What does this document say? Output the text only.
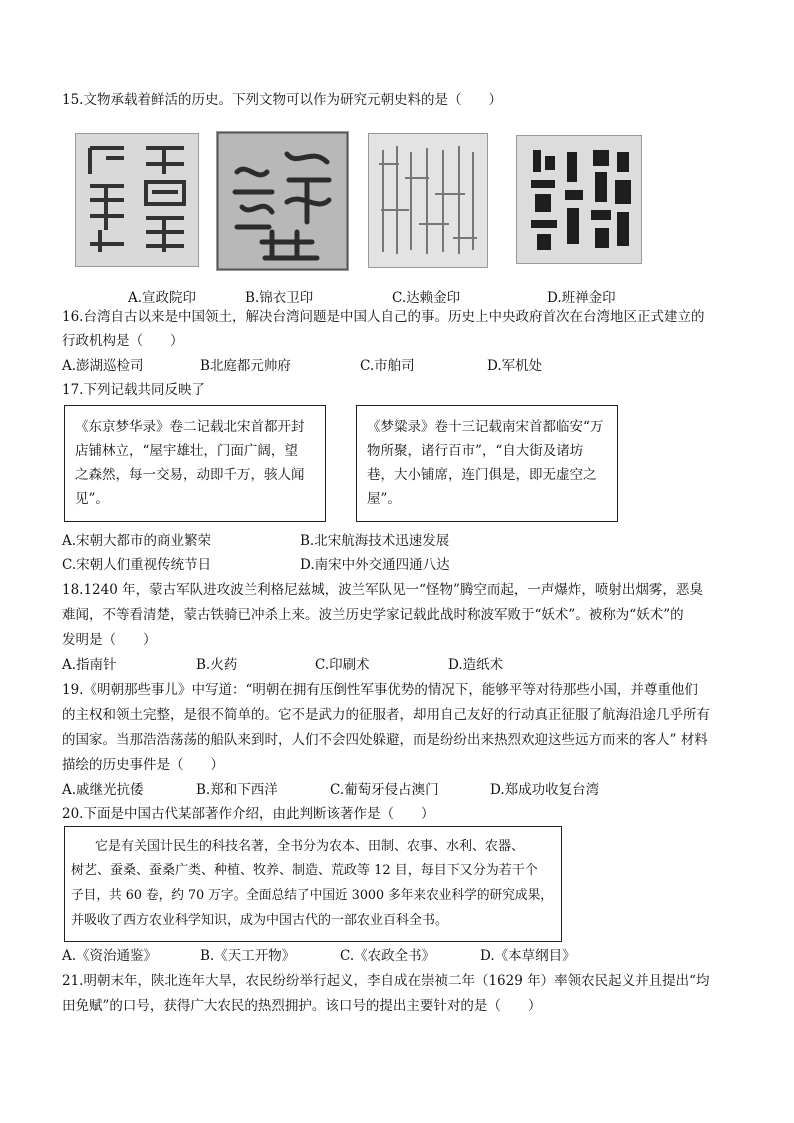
15.文物承载着鲜活的历史。下列文物可以作为研究元朝史料的是（　　）
A.宣政院印	B.锦衣卫印	C.达赖金印	D.班禅金印
16.台湾自古以来是中国领土，解决台湾问题是中国人自己的事。历史上中央政府首次在台湾地区正式建立的
行政机构是（　　）
A.澎湖巡检司	B北庭都元帅府	C.市舶司	D.军机处
17.下列记载共同反映了
《东京梦华录》卷二记载北宋首都开封
店铺林立，“屋宇雄壮，门面广阔，望
之森然，每一交易，动即千万，骇人闻
见”。
《梦粱录》卷十三记载南宋首都临安“万
物所聚，诸行百市”，“自大街及诸坊
巷，大小铺席，连门俱是，即无虚空之
屋”。
A.宋朝大都市的商业繁荣	B.北宋航海技术迅速发展
C.宋朝人们重视传统节日	D.南宋中外交通四通八达
18.1240 年，蒙古军队进攻波兰利格尼兹城，波兰军队见一“怪物”腾空而起，一声爆炸，喷射出烟雾，恶臭
难闻，不等看清楚，蒙古铁骑已冲杀上来。波兰历史学家记载此战时称波军败于“妖术”。被称为“妖术”的
发明是（　　）
A.指南针	B.火药	C.印刷术	D.造纸术
19.《明朝那些事儿》中写道：“明朝在拥有压倒性军事优势的情况下，能够平等对待那些小国，并尊重他们
的主权和领土完整，是很不简单的。它不是武力的征服者，却用自己友好的行动真正征服了航海沿途几乎所有
的国家。当那浩浩荡荡的船队来到时，人们不会四处躲避，而是纷纷出来热烈欢迎这些远方而来的客人” 材料
描绘的历史事件是（　　）
A.戚继光抗倭	B.郑和下西洋	C.葡萄牙侵占澳门	D.郑成功收复台湾
20.下面是中国古代某部著作介绍，由此判断该著作是（　　）
它是有关国计民生的科技名著，全书分为农本、田制、农事、水利、农器、
树艺、蚕桑、蚕桑广类、种植、牧养、制造、荒政等 12 目，每目下又分为若干个
子目，共 60 卷，约 70 万字。全面总结了中国近 3000 多年来农业科学的研究成果，
并吸收了西方农业科学知识，成为中国古代的一部农业百科全书。
A.《资治通鉴》	B.《天工开物》	C.《农政全书》	D.《本草纲目》
21.明朝末年，陕北连年大旱，农民纷纷举行起义，李自成在崇祯二年（1629 年）率领农民起义并且提出“均
田免赋”的口号，获得广大农民的热烈拥护。该口号的提出主要针对的是（　　）
